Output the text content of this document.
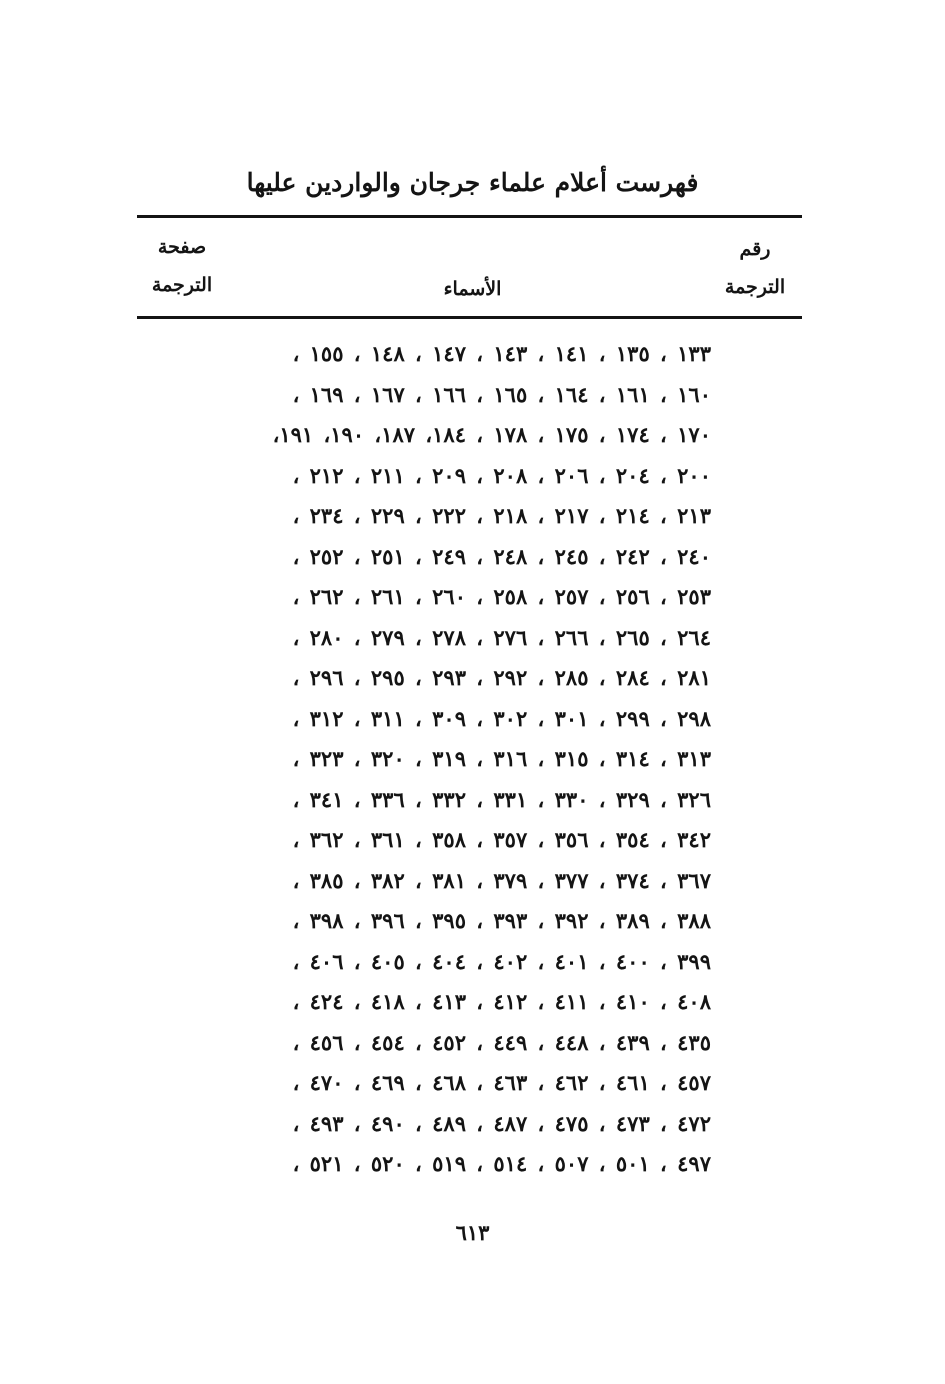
فهرست أعلام علماء جرجان والواردين عليها
رقم
الترجمة
الأسماء
صفحة
الترجمة
١٣٣ ، ١٣٥ ، ١٤١ ، ١٤٣ ، ١٤٧ ، ١٤٨ ، ١٥٥ ،
١٦٠ ، ١٦١ ، ١٦٤ ، ١٦٥ ، ١٦٦ ، ١٦٧ ، ١٦٩ ،
١٧٠ ، ١٧٤ ، ١٧٥ ، ١٧٨ ، ١٨٤، ١٨٧، ١٩٠، ١٩١،
٢٠٠ ، ٢٠٤ ، ٢٠٦ ، ٢٠٨ ، ٢٠٩ ، ٢١١ ، ٢١٢ ،
٢١٣ ، ٢١٤ ، ٢١٧ ، ٢١٨ ، ٢٢٢ ، ٢٢٩ ، ٢٣٤ ،
٢٤٠ ، ٢٤٢ ، ٢٤٥ ، ٢٤٨ ، ٢٤٩ ، ٢٥١ ، ٢٥٢ ،
٢٥٣ ، ٢٥٦ ، ٢٥٧ ، ٢٥٨ ، ٢٦٠ ، ٢٦١ ، ٢٦٢ ،
٢٦٤ ، ٢٦٥ ، ٢٦٦ ، ٢٧٦ ، ٢٧٨ ، ٢٧٩ ، ٢٨٠ ،
٢٨١ ، ٢٨٤ ، ٢٨٥ ، ٢٩٢ ، ٢٩٣ ، ٢٩٥ ، ٢٩٦ ،
٢٩٨ ، ٢٩٩ ، ٣٠١ ، ٣٠٢ ، ٣٠٩ ، ٣١١ ، ٣١٢ ،
٣١٣ ، ٣١٤ ، ٣١٥ ، ٣١٦ ، ٣١٩ ، ٣٢٠ ، ٣٢٣ ،
٣٢٦ ، ٣٢٩ ، ٣٣٠ ، ٣٣١ ، ٣٣٢ ، ٣٣٦ ، ٣٤١ ،
٣٤٢ ، ٣٥٤ ، ٣٥٦ ، ٣٥٧ ، ٣٥٨ ، ٣٦١ ، ٣٦٢ ،
٣٦٧ ، ٣٧٤ ، ٣٧٧ ، ٣٧٩ ، ٣٨١ ، ٣٨٢ ، ٣٨٥ ،
٣٨٨ ، ٣٨٩ ، ٣٩٢ ، ٣٩٣ ، ٣٩٥ ، ٣٩٦ ، ٣٩٨ ،
٣٩٩ ، ٤٠٠ ، ٤٠١ ، ٤٠٢ ، ٤٠٤ ، ٤٠٥ ، ٤٠٦ ،
٤٠٨ ، ٤١٠ ، ٤١١ ، ٤١٢ ، ٤١٣ ، ٤١٨ ، ٤٢٤ ،
٤٣٥ ، ٤٣٩ ، ٤٤٨ ، ٤٤٩ ، ٤٥٢ ، ٤٥٤ ، ٤٥٦ ،
٤٥٧ ، ٤٦١ ، ٤٦٢ ، ٤٦٣ ، ٤٦٨ ، ٤٦٩ ، ٤٧٠ ،
٤٧٢ ، ٤٧٣ ، ٤٧٥ ، ٤٨٧ ، ٤٨٩ ، ٤٩٠ ، ٤٩٣ ،
٤٩٧ ، ٥٠١ ، ٥٠٧ ، ٥١٤ ، ٥١٩ ، ٥٢٠ ، ٥٢١ ،
٦١٣
